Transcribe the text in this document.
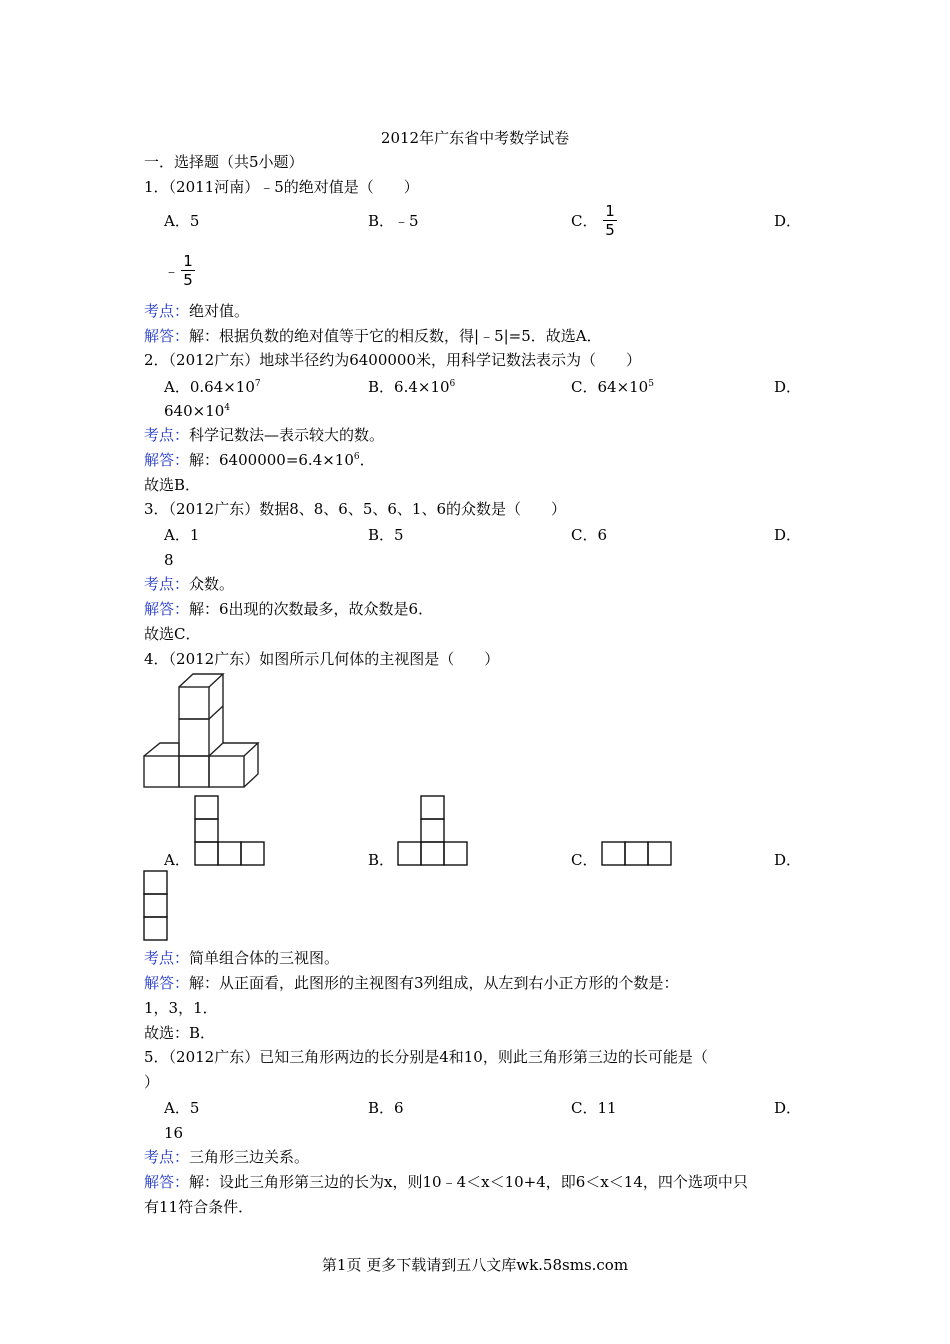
2012年广东省中考数学试卷
一．选择题（共5小题）
1．（2011河南）﹣5的绝对值是（　　）
A．5	B．﹣5	C．
1
5	D．
﹣
1
5
考点：绝对值。
解答：解：根据负数的绝对值等于它的相反数，得|﹣5|=5．故选A．
2．（2012广东）地球半径约为6400000米，用科学记数法表示为（　　）
A．$0.64\times 10^7$	B．$6.4\times 10^6$	C．$64\times 10^5$	D．
$640\times 10^4$
考点：科学记数法—表示较大的数。
解答：解：$6400000=6.4\times 10^6$．
故选B．
3．（2012广东）数据8、8、6、5、6、1、6的众数是（　　）
A．1	B．5	C．6	D．
8
考点：众数。
解答：解：6出现的次数最多，故众数是6．
故选C．
4．（2012广东）如图所示几何体的主视图是（　　）
A．	B．	C．	D．
考点：简单组合体的三视图。
解答：解：从正面看，此图形的主视图有3列组成，从左到右小正方形的个数是：
1，3，1．
故选：B．
5．（2012广东）已知三角形两边的长分别是4和10，则此三角形第三边的长可能是（
）
A．5	B．6	C．11	D．
16
考点：三角形三边关系。
解答：解：设此三角形第三边的长为x，则10﹣4＜x＜10+4，即6＜x＜14，四个选项中只
有11符合条件．
第1页 更多下载请到五八文库wk.58sms.com
